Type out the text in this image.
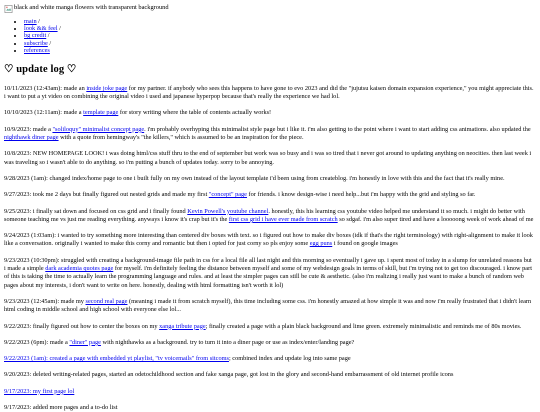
black and white manga flowers with transparent background
• main /
• look && feel /
• bg credit /
• subscribe /
• references
♡ update log ♡

10/11/2023 (12:43am): made an inside joke page for my partner. if anybody who sees this happens to have gone to evo 2023 and did the "jujutsu kaisen domain expansion experience," you might appreciate this. i want to put a yt video on combining the original video i used and japanese hyperpop because that's really the experience we had lol.

10/10/2023 (12:11am): made a template page for story writing where the table of contents actually works!

10/9/2023: made a "soliloquy" minimalist concept page. i'm probably overhyping this minimalist style page but i like it. i'm also getting to the point where i want to start adding css animations. also updated the nighthawk diner page with a quote from hemingway's "the killers," which is assumed to be an inspiration for the piece.

10/8/2023: NEW HOMEPAGE LOOK! i was doing html/css stuff thru to the end of september but work was so busy and i was so tired that i never got around to updating anything on neocities. then last week i was traveling so i wasn't able to do anything. so i'm putting a bunch of updates today. sorry to be annoying.

9/28/2023 (1am): changed index/home page to one i built fully on my own instead of the layout template i'd been using from createblog. i'm honestly in love with this and the fact that it's really mine.

9/27/2023: took me 2 days but finally figured out nested grids and made my first "concept" page for friends. i know design-wise i need help...but i'm happy with the grid and styling so far.

9/25/2023: i finally sat down and focused on css grid and i finally found Kevin Powell's youtube channel. honestly, this his learning css youtube video helped me understand it so much. i might do better with someone teaching me vs just me reading everything. anyways i know it's crap but it's the first css grid i have ever made from scratch so sdgaf. i'm also super tired and have a looooong week of work ahead of me

9/24/2023 (1:03am): i wanted to try something more interesting than centered div boxes with text. so i figured out how to make div boxes (idk if that's the right terminology) with right-alignment to make it look like a conversation. originally i wanted to make this corny and romantic but then i opted for just corny so pls enjoy some egg puns i found on google images

9/23/2023 (10:30pm): struggled with creating a background-image file path in css for a local file all last night and this morning so eventually i gave up. i spent most of today in a slump for unrelated reasons but i made a simple dark academia quotes page for myself. i'm definitely feeling the distance between myself and some of my webdesign goals in terms of skill, but i'm trying not to get too discouraged. i know part of this is taking the time to actually learn the programming language and rules. and at least the simpler pages can still be cute & aesthetic. (also i'm realizing i really just want to make a bunch of random web pages about my interests, i don't want to write on here. honestly, dealing with html formatting isn't worth it lol)

9/23/2023 (12:45am): made my second real page (meaning i made it from scratch myself), this time including some css. i'm honestly amazed at how simple it was and now i'm really frustrated that i didn't learn html coding in middle school and high school with everyone else lol...

9/22/2023: finally figured out how to center the boxes on my xanga tribute page; finally created a page with a plain black background and lime green. extremely minimalistic and reminds me of 80s movies.

9/22/2023 (6pm): made a "diner" page with nighthawks as a background. try to turn it into a diner page or use as index/enter/landing page?

9/22/2023 (1am): created a page with embedded yt playlist, "tv voicemails" from sitcoms; combined index and update log into same page

9/20/2023: deleted writing-related pages, started an odetochildhood section and fake xanga page, got lost in the glory and second-hand embarrassment of old internet profile icons

9/17/2023: my first page lol

9/17/2023: added more pages and a to-do list
